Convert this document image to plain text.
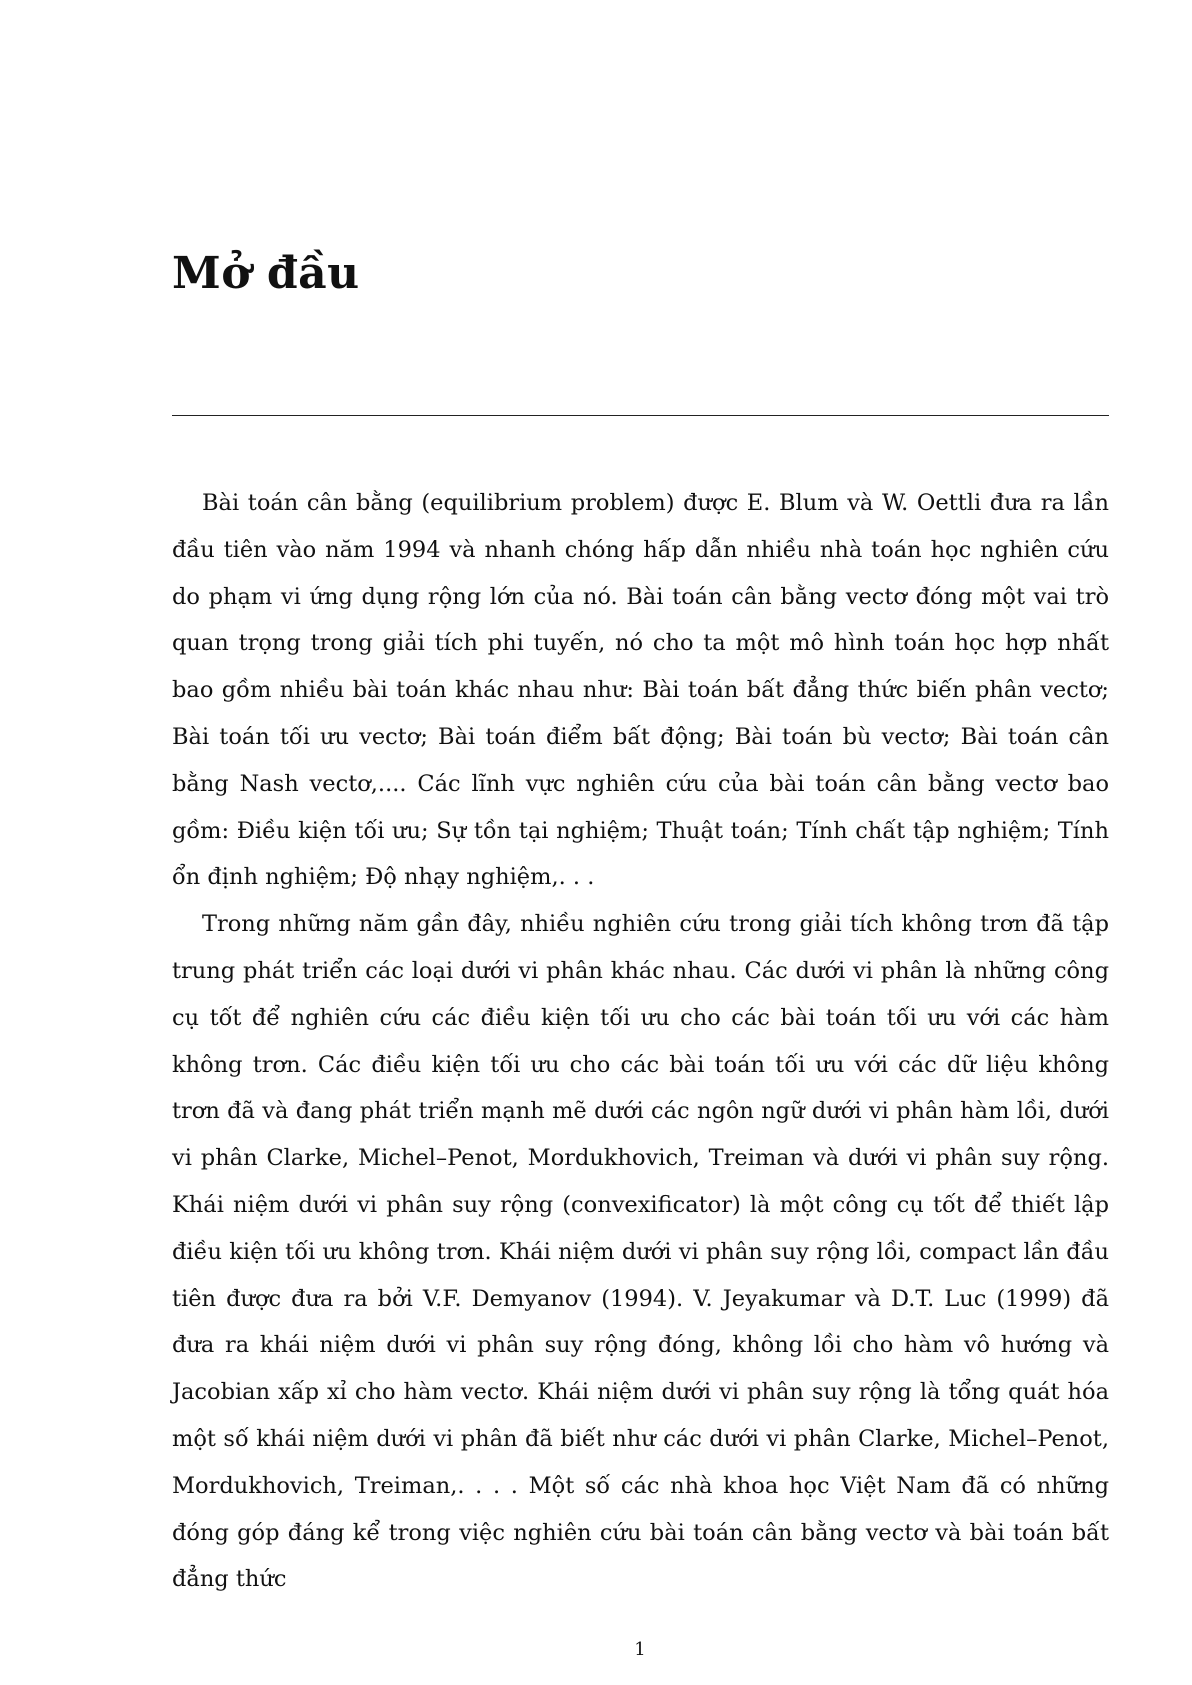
Mở đầu

Bài toán cân bằng (equilibrium problem) được E. Blum và W. Oettli đưa ra lần đầu tiên vào năm 1994 và nhanh chóng hấp dẫn nhiều nhà toán học nghiên cứu do phạm vi ứng dụng rộng lớn của nó. Bài toán cân bằng vectơ đóng một vai trò quan trọng trong giải tích phi tuyến, nó cho ta một mô hình toán học hợp nhất bao gồm nhiều bài toán khác nhau như: Bài toán bất đẳng thức biến phân vectơ; Bài toán tối ưu vectơ; Bài toán điểm bất động; Bài toán bù vectơ; Bài toán cân bằng Nash vectơ,.... Các lĩnh vực nghiên cứu của bài toán cân bằng vectơ bao gồm: Điều kiện tối ưu; Sự tồn tại nghiệm; Thuật toán; Tính chất tập nghiệm; Tính ổn định nghiệm; Độ nhạy nghiệm,. . .

Trong những năm gần đây, nhiều nghiên cứu trong giải tích không trơn đã tập trung phát triển các loại dưới vi phân khác nhau. Các dưới vi phân là những công cụ tốt để nghiên cứu các điều kiện tối ưu cho các bài toán tối ưu với các hàm không trơn. Các điều kiện tối ưu cho các bài toán tối ưu với các dữ liệu không trơn đã và đang phát triển mạnh mẽ dưới các ngôn ngữ dưới vi phân hàm lồi, dưới vi phân Clarke, Michel–Penot, Mordukhovich, Treiman và dưới vi phân suy rộng. Khái niệm dưới vi phân suy rộng (convexificator) là một công cụ tốt để thiết lập điều kiện tối ưu không trơn. Khái niệm dưới vi phân suy rộng lồi, compact lần đầu tiên được đưa ra bởi V.F. Demyanov (1994). V. Jeyakumar và D.T. Luc (1999) đã đưa ra khái niệm dưới vi phân suy rộng đóng, không lồi cho hàm vô hướng và Jacobian xấp xỉ cho hàm vectơ. Khái niệm dưới vi phân suy rộng là tổng quát hóa một số khái niệm dưới vi phân đã biết như các dưới vi phân Clarke, Michel–Penot, Mordukhovich, Treiman,. . . . Một số các nhà khoa học Việt Nam đã có những đóng góp đáng kể trong việc nghiên cứu bài toán cân bằng vectơ và bài toán bất đẳng thức

1
